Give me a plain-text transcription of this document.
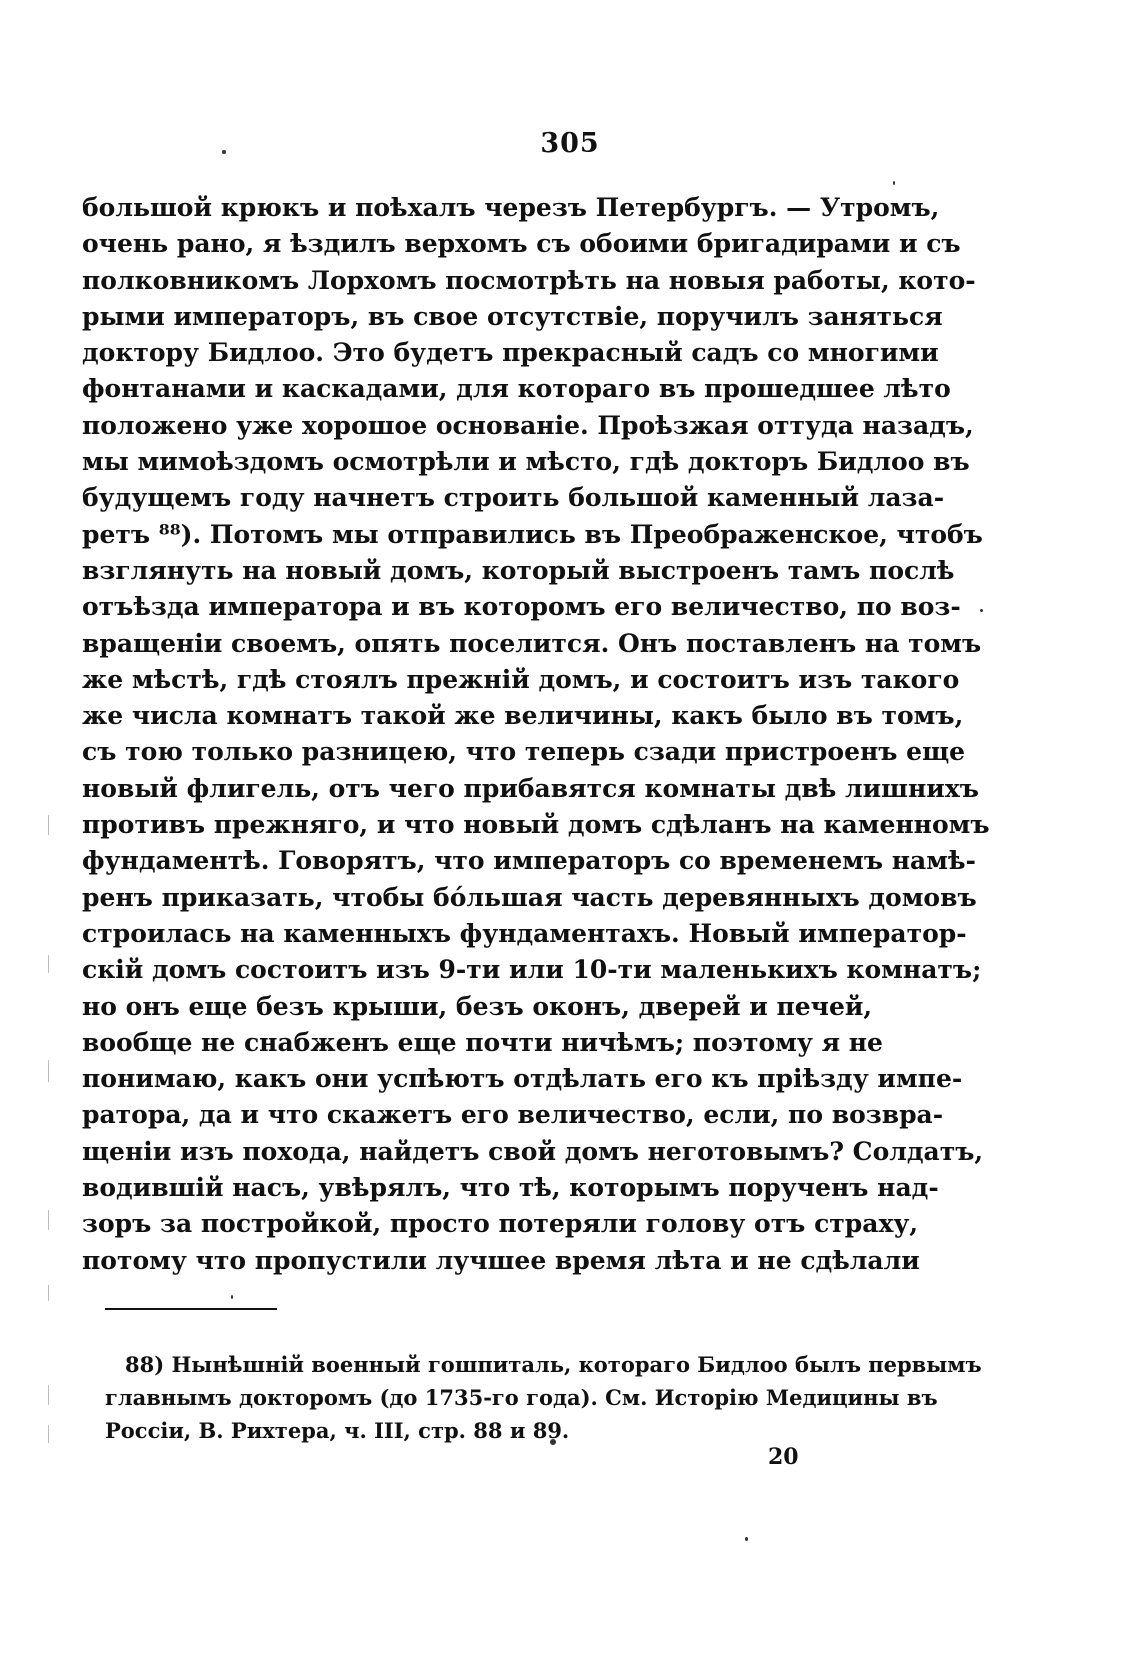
305
большой крюкъ и поѣхалъ черезъ Петербургъ. — Утромъ,
очень рано, я ѣздилъ верхомъ съ обоими бригадирами и съ
полковникомъ Лорхомъ посмотрѣть на новыя работы, кото-
рыми императоръ, въ свое отсутствіе, поручилъ заняться
доктору Бидлоо. Это будетъ прекрасный садъ со многими
фонтанами и каскадами, для котораго въ прошедшее лѣто
положено уже хорошое основаніе. Проѣзжая оттуда назадъ,
мы мимоѣздомъ осмотрѣли и мѣсто, гдѣ докторъ Бидлоо въ
будущемъ году начнетъ строить большой каменный лаза-
ретъ ⁸⁸). Потомъ мы отправились въ Преображенское, чтобъ
взглянуть на новый домъ, который выстроенъ тамъ послѣ
отъѣзда императора и въ которомъ его величество, по воз-
вращеніи своемъ, опять поселится. Онъ поставленъ на томъ
же мѣстѣ, гдѣ стоялъ прежній домъ, и состоитъ изъ такого
же числа комнатъ такой же величины, какъ было въ томъ,
съ тою только разницею, что теперь сзади пристроенъ еще
новый флигель, отъ чего прибавятся комнаты двѣ лишнихъ
противъ прежняго, и что новый домъ сдѣланъ на каменномъ
фундаментѣ. Говорятъ, что императоръ со временемъ намѣ-
ренъ приказать, чтобы бóльшая часть деревянныхъ домовъ
строилась на каменныхъ фундаментахъ. Новый император-
скій домъ состоитъ изъ 9-ти или 10-ти маленькихъ комнатъ;
но онъ еще безъ крыши, безъ оконъ, дверей и печей,
вообще не снабженъ еще почти ничѣмъ; поэтому я не
понимаю, какъ они успѣютъ отдѣлать его къ пріѣзду импе-
ратора, да и что скажетъ его величество, если, по возвра-
щеніи изъ похода, найдетъ свой домъ неготовымъ? Солдатъ,
водившій насъ, увѣрялъ, что тѣ, которымъ порученъ над-
зоръ за постройкой, просто потеряли голову отъ страху,
потому что пропустили лучшее время лѣта и не сдѣлали
88) Нынѣшній военный гошпиталь, котораго Бидлоо былъ первымъ
главнымъ докторомъ (до 1735-го года). См. Исторію Медицины въ
Россіи, В. Рихтера, ч. III, стр. 88 и 89.
20
